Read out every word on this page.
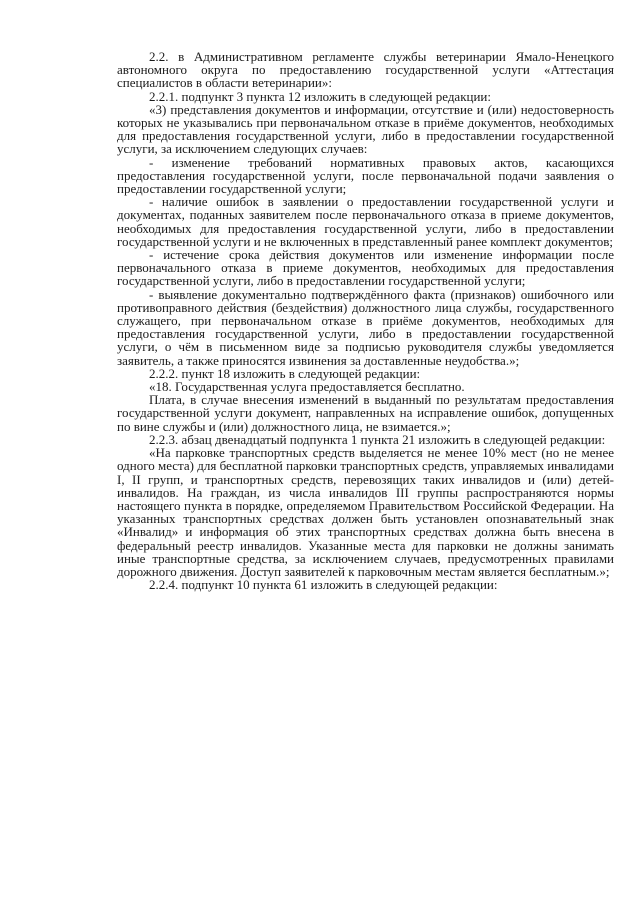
2.2. в Административном регламенте службы ветеринарии Ямало-Ненецкого автономного округа по предоставлению государственной услуги «Аттестация специалистов в области ветеринарии»:

2.2.1. подпункт 3 пункта 12 изложить в следующей редакции:

«3) представления документов и информации, отсутствие и (или) недостоверность которых не указывались при первоначальном отказе в приёме документов, необходимых для предоставления государственной услуги, либо в предоставлении государственной услуги, за исключением следующих случаев:

- изменение требований нормативных правовых актов, касающихся предоставления государственной услуги, после первоначальной подачи заявления о предоставлении государственной услуги;

- наличие ошибок в заявлении о предоставлении государственной услуги и документах, поданных заявителем после первоначального отказа в приеме документов, необходимых для предоставления государственной услуги, либо в предоставлении государственной услуги и не включенных в представленный ранее комплект документов;

- истечение срока действия документов или изменение информации после первоначального отказа в приеме документов, необходимых для предоставления государственной услуги, либо в предоставлении государственной услуги;

- выявление документально подтверждённого факта (признаков) ошибочного или противоправного действия (бездействия) должностного лица службы, государственного служащего, при первоначальном отказе в приёме документов, необходимых для предоставления государственной услуги, либо в предоставлении государственной услуги, о чём в письменном виде за подписью руководителя службы уведомляется заявитель, а также приносятся извинения за доставленные неудобства.»;

2.2.2. пункт 18 изложить в следующей редакции:

«18. Государственная услуга предоставляется бесплатно.

Плата, в случае внесения изменений в выданный по результатам предоставления государственной услуги документ, направленных на исправление ошибок, допущенных по вине службы и (или) должностного лица, не взимается.»;

2.2.3. абзац двенадцатый подпункта 1 пункта 21 изложить в следующей редакции:

«На парковке транспортных средств выделяется не менее 10% мест (но не менее одного места) для бесплатной парковки транспортных средств, управляемых инвалидами I, II групп, и транспортных средств, перевозящих таких инвалидов и (или) детей-инвалидов. На граждан, из числа инвалидов III группы распространяются нормы настоящего пункта в порядке, определяемом Правительством Российской Федерации. На указанных транспортных средствах должен быть установлен опознавательный знак «Инвалид» и информация об этих транспортных средствах должна быть внесена в федеральный реестр инвалидов. Указанные места для парковки не должны занимать иные транспортные средства, за исключением случаев, предусмотренных правилами дорожного движения. Доступ заявителей к парковочным местам является бесплатным.»;

2.2.4. подпункт 10 пункта 61 изложить в следующей редакции:
